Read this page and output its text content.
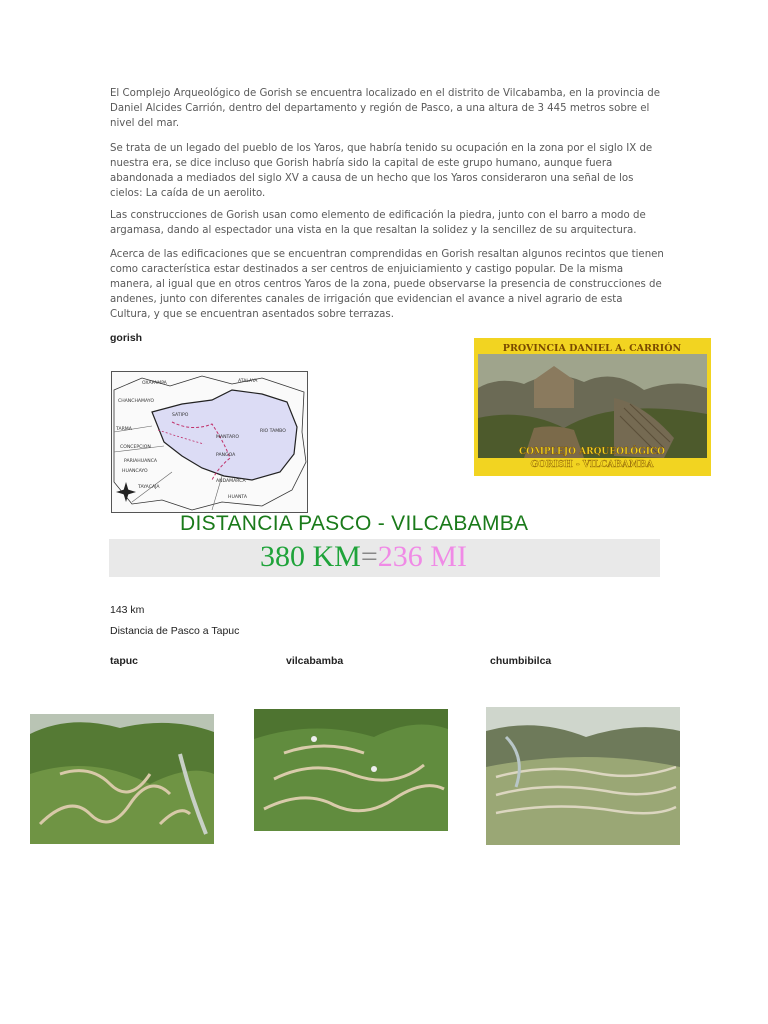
El Complejo Arqueológico de Gorish se encuentra localizado en el distrito de Vilcabamba, en la provincia de Daniel Alcides Carrión, dentro del departamento y región de Pasco, a una altura de 3 445 metros sobre el nivel del mar.

Se trata de un legado del pueblo de los Yaros, que habría tenido su ocupación en la zona por el siglo IX de nuestra era, se dice incluso que Gorish habría sido la capital de este grupo humano, aunque fuera abandonada a mediados del siglo XV a causa de un hecho que los Yaros consideraron una señal de los cielos: La caída de un aerolito.

Las construcciones de Gorish usan como elemento de edificación la piedra, junto con el barro a modo de argamasa, dando al espectador una vista en la que resaltan la solidez y la sencillez de su arquitectura.

Acerca de las edificaciones que se encuentran comprendidas en Gorish resaltan algunos recintos que tienen como característica estar destinados a ser centros de enjuiciamiento y castigo popular. De la misma manera, al igual que en otros centros Yaros de la zona, puede observarse la presencia de construcciones de andenes, junto con diferentes canales de irrigación que evidencian el avance a nivel agrario de esta Cultura, y que se encuentran asentados sobre terrazas.

gorish
OXAPAMPA	ATALAYA
CHANCHAMAYO
TARMA
MANTARO
RIO TAMBO
CONCEPCION
PARIAHUANCA
PANGOA
SATIPO
HUANCAYO
TAYACAJA
HUANTA
ANDAMARCA
PROVINCIA DANIEL A. CARRIÓN
COMPLEJO ARQUEOLÓGICO
GORISH - VILCABAMBA
DISTANCIA PASCO - VILCABAMBA
380 KM=236 MI
143 km
Distancia de Pasco a Tapuc
tapuc	vilcabamba	chumbibilca
